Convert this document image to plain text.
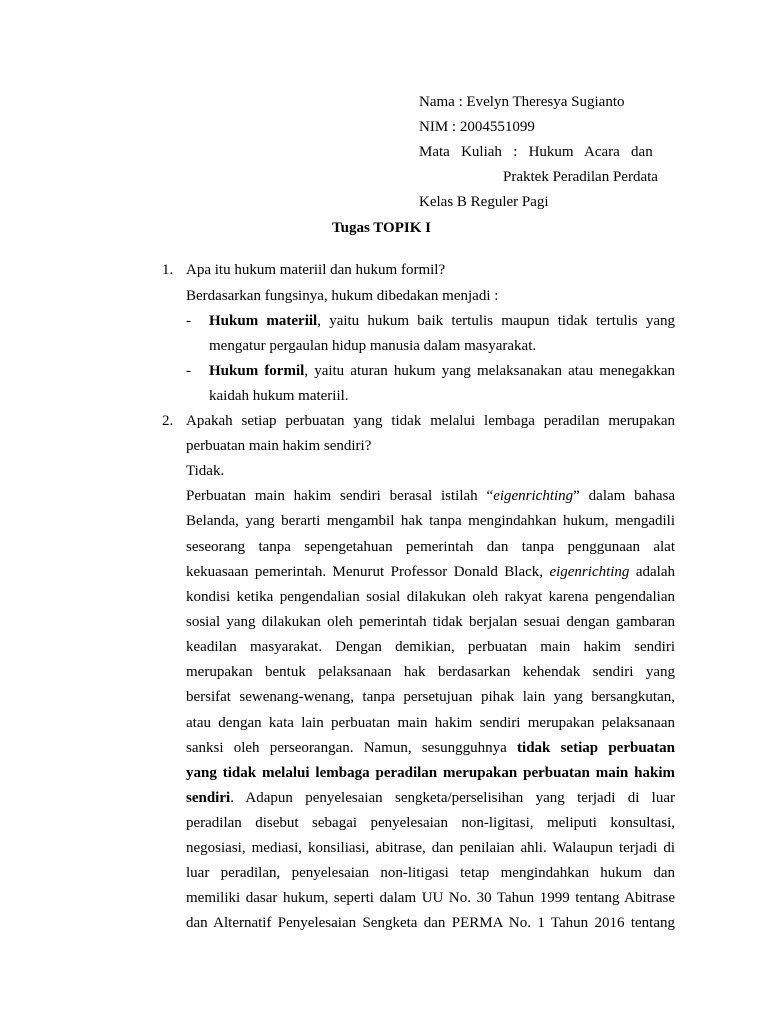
Nama : Evelyn Theresya Sugianto
NIM : 2004551099
Mata   Kuliah   :   Hukum   Acara   dan
Praktek Peradilan Perdata
Kelas B Reguler Pagi
Tugas TOPIK I
1. Apa itu hukum materiil dan hukum formil?
Berdasarkan fungsinya, hukum dibedakan menjadi :
- Hukum materiil, yaitu hukum baik tertulis maupun tidak tertulis yang
mengatur pergaulan hidup manusia dalam masyarakat.
- Hukum formil, yaitu aturan hukum yang melaksanakan atau menegakkan
kaidah hukum materiil.
2. Apakah setiap perbuatan yang tidak melalui lembaga peradilan merupakan
perbuatan main hakim sendiri?
Tidak.
Perbuatan main hakim sendiri berasal istilah “eigenrichting” dalam bahasa
Belanda, yang berarti mengambil hak tanpa mengindahkan hukum, mengadili
seseorang tanpa sepengetahuan pemerintah dan tanpa penggunaan alat
kekuasaan pemerintah. Menurut Professor Donald Black, eigenrichting adalah
kondisi ketika pengendalian sosial dilakukan oleh rakyat karena pengendalian
sosial yang dilakukan oleh pemerintah tidak berjalan sesuai dengan gambaran
keadilan masyarakat. Dengan demikian, perbuatan main hakim sendiri
merupakan bentuk pelaksanaan hak berdasarkan kehendak sendiri yang
bersifat sewenang-wenang, tanpa persetujuan pihak lain yang bersangkutan,
atau dengan kata lain perbuatan main hakim sendiri merupakan pelaksanaan
sanksi oleh perseorangan. Namun, sesungguhnya tidak setiap perbuatan
yang tidak melalui lembaga peradilan merupakan perbuatan main hakim
sendiri. Adapun penyelesaian sengketa/perselisihan yang terjadi di luar
peradilan disebut sebagai penyelesaian non-ligitasi, meliputi konsultasi,
negosiasi, mediasi, konsiliasi, abitrase, dan penilaian ahli. Walaupun terjadi di
luar peradilan, penyelesaian non-litigasi tetap mengindahkan hukum dan
memiliki dasar hukum, seperti dalam UU No. 30 Tahun 1999 tentang Abitrase
dan Alternatif Penyelesaian Sengketa dan PERMA No. 1 Tahun 2016 tentang
